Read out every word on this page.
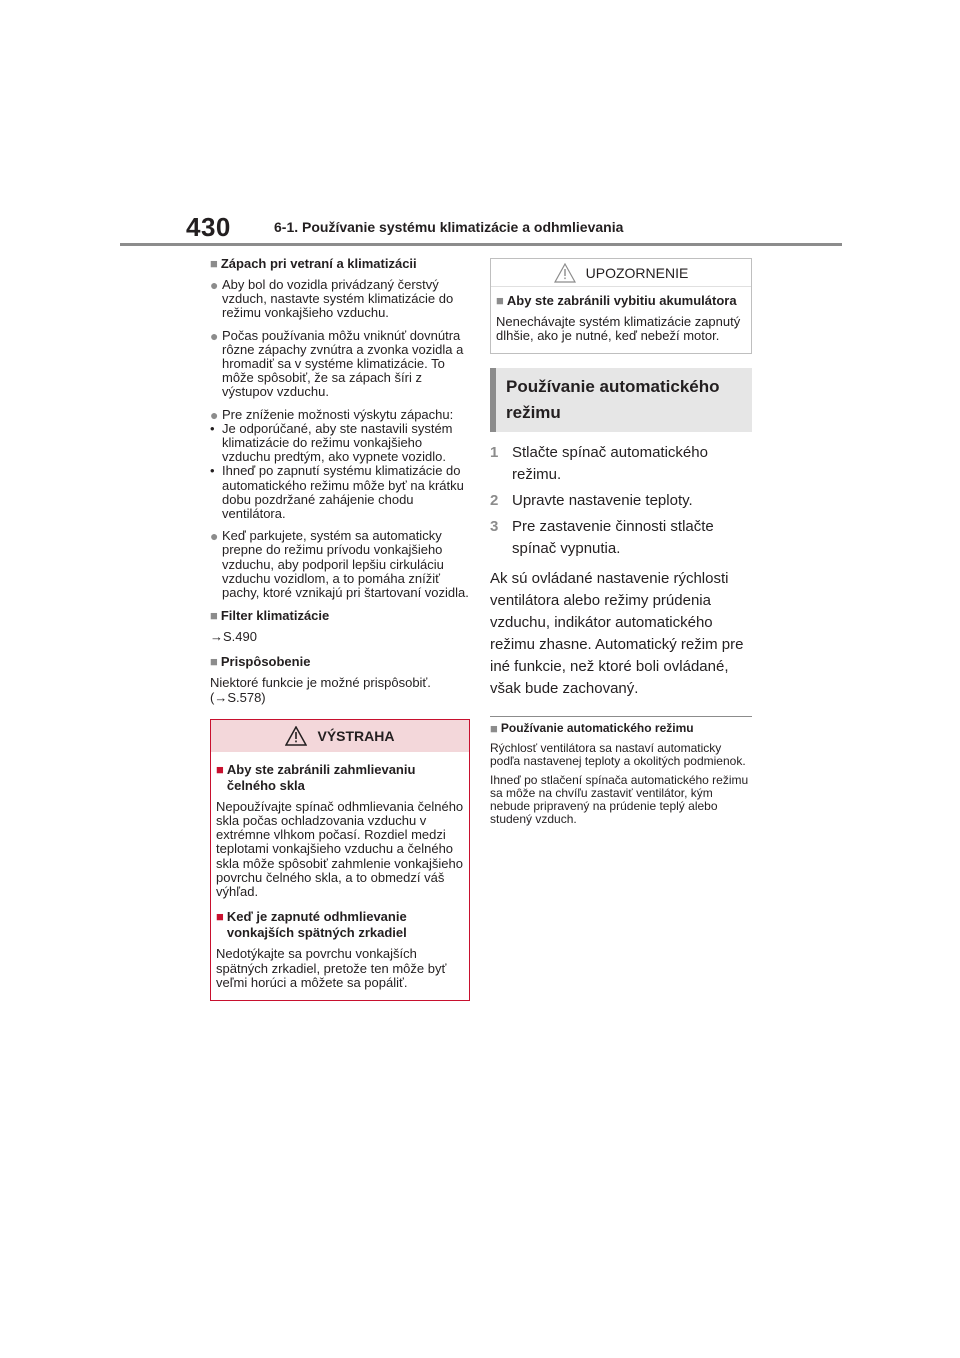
430	6-1. Používanie systému klimatizácie a odhmlievania
■ Zápach pri vetraní a klimatizácii
● Aby bol do vozidla privádzaný čerstvý vzduch, nastavte systém klimatizácie do režimu vonkajšieho vzduchu.
● Počas používania môžu vniknúť dovnútra rôzne zápachy zvnútra a zvonka vozidla a hromadiť sa v systéme klimatizácie. To môže spôsobiť, že sa zápach šíri z výstupov vzduchu.
● Pre zníženie možnosti výskytu zápachu:
• Je odporúčané, aby ste nastavili systém klimatizácie do režimu vonkajšieho vzduchu predtým, ako vypnete vozidlo.
• Ihneď po zapnutí systému klimatizácie do automatického režimu môže byť na krátku dobu pozdržané zahájenie chodu ventilátora.
● Keď parkujete, systém sa automaticky prepne do režimu prívodu vonkajšieho vzduchu, aby podporil lepšiu cirkuláciu vzduchu vozidlom, a to pomáha znížiť pachy, ktoré vznikajú pri štartovaní vozidla.
■ Filter klimatizácie
→S.490
■ Prispôsobenie
Niektoré funkcie je možné prispôsobiť. (→S.578)
VÝSTRAHA
■ Aby ste zabránili zahmlievaniu čelného skla
Nepoužívajte spínač odhmlievania čelného skla počas ochladzovania vzduchu v extrémne vlhkom počasí. Rozdiel medzi teplotami vonkajšieho vzduchu a čelného skla môže spôsobiť zahmlenie vonkajšieho povrchu čelného skla, a to obmedzí váš výhľad.
■ Keď je zapnuté odhmlievanie vonkajších spätných zrkadiel
Nedotýkajte sa povrchu vonkajších spätných zrkadiel, pretože ten môže byť veľmi horúci a môžete sa popáliť.
UPOZORNENIE
■ Aby ste zabránili vybitiu akumulátora
Nenechávajte systém klimatizácie zapnutý dlhšie, ako je nutné, keď nebeží motor.
Používanie automatického režimu
1 Stlačte spínač automatického režimu.
2 Upravte nastavenie teploty.
3 Pre zastavenie činnosti stlačte spínač vypnutia.
Ak sú ovládané nastavenie rýchlosti ventilátora alebo režimy prúdenia vzduchu, indikátor automatického režimu zhasne. Automatický režim pre iné funkcie, než ktoré boli ovládané, však bude zachovaný.
■ Používanie automatického režimu
Rýchlosť ventilátora sa nastaví automaticky podľa nastavenej teploty a okolitých podmienok.
Ihneď po stlačení spínača automatického režimu sa môže na chvíľu zastaviť ventilátor, kým nebude pripravený na prúdenie teplý alebo studený vzduch.
